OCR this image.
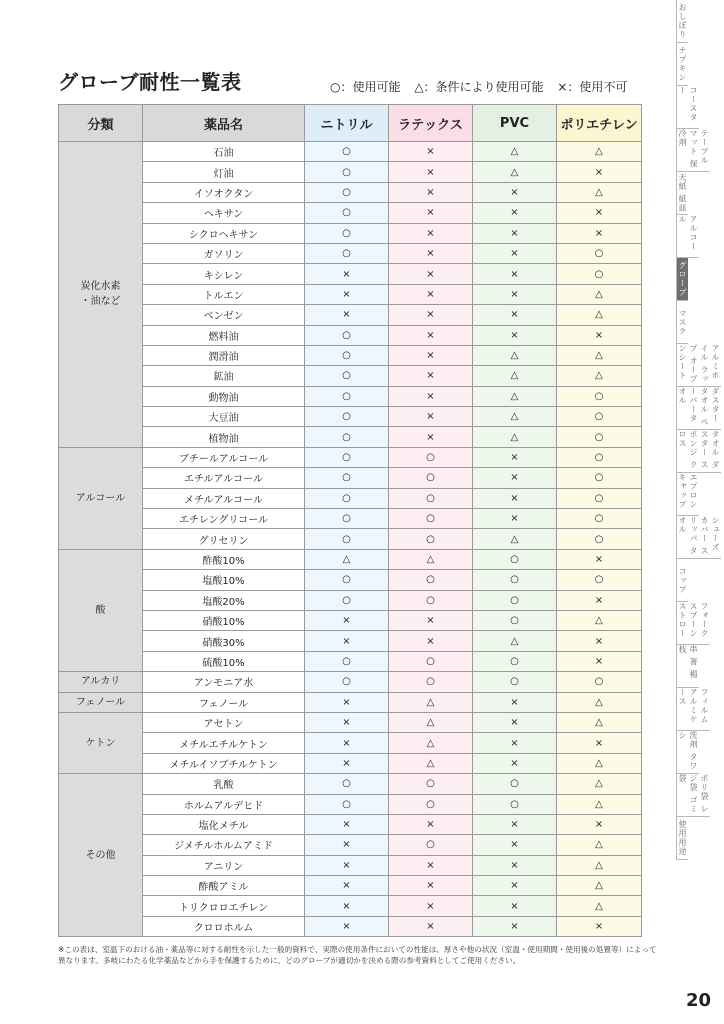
グローブ耐性一覧表	○：使用可能 △：条件により使用可能 ×：使用不可
分類	薬品名	ニトリル	ラテックス	PVC	ポリエチレン
炭化水素
・油など	石油	○	×	△	△
	灯油	○	×	△	×
	イソオクタン	○	×	×	△
	ヘキサン	○	×	×	×
	シクロヘキサン	○	×	×	×
	ガソリン	○	×	×	○
	キシレン	×	×	×	○
	トルエン	×	×	×	△
	ベンゼン	×	×	×	△
	燃料油	○	×	×	×
	潤滑油	○	×	△	△
	鉱油	○	×	△	△
	動物油	○	×	△	○
	大豆油	○	×	△	○
	植物油	○	×	△	○
アルコール	ブチールアルコール	○	○	×	○
	エチルアルコール	○	○	×	○
	メチルアルコール	○	○	×	○
	エチレングリコール	○	○	×	○
	グリセリン	○	○	△	○
酸	酢酸10%	△	△	○	×
	塩酸10%	○	○	○	○
	塩酸20%	○	○	○	×
	硝酸10%	×	×	○	△
	硝酸30%	×	×	△	×
	硫酸10%	○	○	○	×
アルカリ	アンモニア水	○	○	○	○
フェノール	フェノール	×	△	×	△
ケトン	アセトン	×	△	×	△
	メチルエチルケトン	×	△	×	×
	メチルイソブチルケトン	×	△	×	△
その他	乳酸	○	○	○	△
	ホルムアルデヒド	○	○	○	△
	塩化メチル	×	×	×	×
	ジメチルホルムアミド	×	○	×	△
	アニリン	×	×	×	△
	酢酸アミル	×	×	×	△
	トリクロロエチレン	×	×	×	△
	クロロホルム	×	×	×	×
※この表は、室温下のおける油・薬品等に対する耐性を示した一般的資料で、実際の使用条件においての性能は、厚さや他の状況（室温・使用期間・使用後の処置等）によって異なります。多岐にわたる化学薬品などから手を保護するために、どのグローブが適切かを決める際の参考資料としてご使用ください。
おしぼり
ナプキン
コースター
テーブルマット 保冷剤
天紙 紙皿
アルコール
グローブ
マスク
アルミホイル ラップ オーブンシート
ダスター タオル ペーパータオル
タオル ダスター スポンジ クロス
エプロン キャップ
シューズカバー スリッパ タオル
コップ
フォーク スプーン ストロー
串 箸 楊枝
フィルム アルミケース
洗剤 タワシ
ポリ袋 レジ袋 ゴミ袋
使用用途
20
